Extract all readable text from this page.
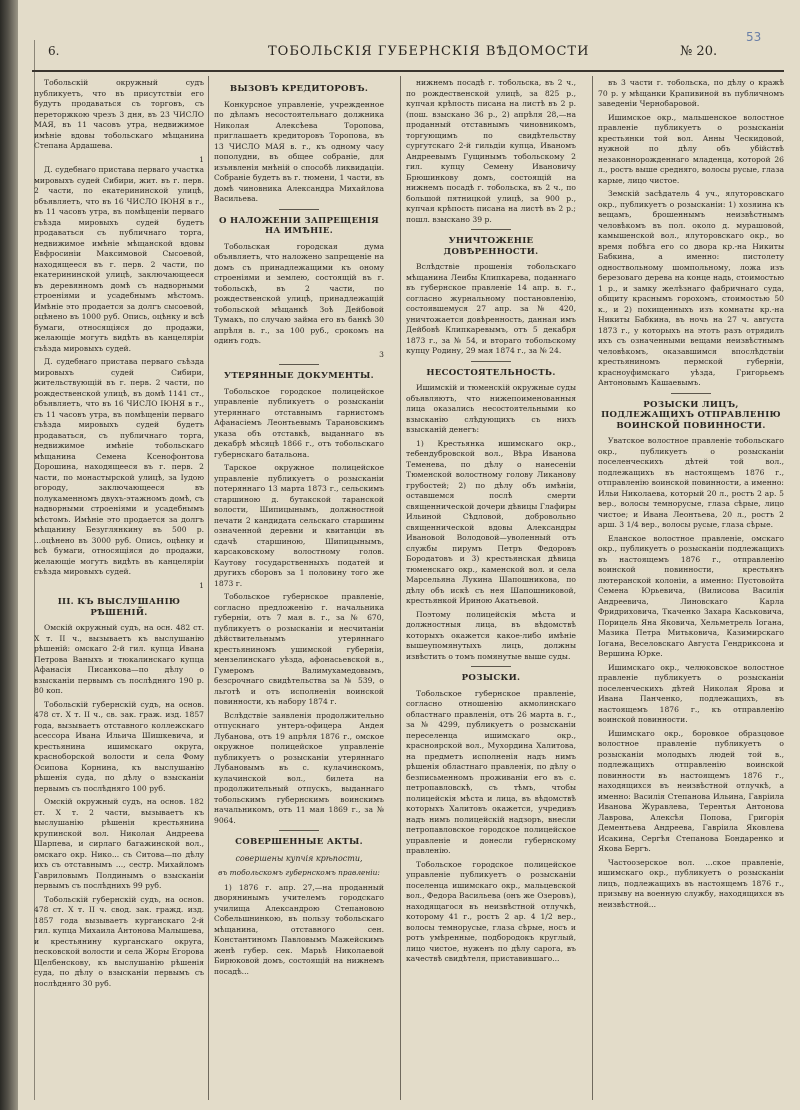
6.	ТОБОЛЬСКІЯ ГУБЕРНСКІЯ ВѢДОМОСТИ	№ 20.
53

Тобольскій окружный судъ публикуетъ, что въ присутствіи его будутъ продаваться съ торговъ, съ переторжкою чрезъ 3 дня, въ 23 ЧИСЛО МАЯ, въ 11 часовъ утра, недвижимое имѣніе вдовы тобольскаго мѣщанина Степана Ардашева.

1

Д. судебнаго пристава перваго участка мировыхъ судей Сибири, жит. въ г. перв. 2 части, по екатерининской улицѣ, объявляетъ, что въ 16 ЧИСЛО ІЮНЯ в г., въ 11 часовъ утра, въ помѣщеніи перваго съѣзда мировыхъ судей будетъ продаваться съ публичнаго торга, недвижимое имѣніе мѣщанской вдовы Евфросиніи Максимовой Сысоевой, находящееся въ г. перв. 2 части, по екатерининской улицѣ, заключающееся въ деревянномъ домѣ съ надворными строеніями и усадебнымъ мѣстомъ. Имѣніе это продается за долгъ сысоевой, оцѣнено въ 1000 руб. Опись, оцѣнку и всѣ бумаги, относящіяся до продажи, желающіе могутъ видѣть въ канцеляріи съѣзда мировыхъ судей.

Д. судебнаго пристава перваго съѣзда мировыхъ судей Сибири, жительствующій въ г. перв. 2 части, по рождественской улицѣ, въ домѣ 1141 ст., объявляетъ, что въ 16 ЧИСЛО ІЮНЯ в г., съ 11 часовъ утра, въ помѣщеніи перваго съѣзда мировыхъ судей будетъ продаваться, съ публичнаго торга, недвижимое имѣніе тобольскаго мѣщанина Семена Ксенофонтова Дорошина, находящееся въ г. перв. 2 части, по монастырской улицѣ, за Іудою огороду, заключающееся въ полукаменномъ двухъ-этажномъ домѣ, съ надворными строеніями и усадебнымъ мѣстомъ. Имѣніе это продается за долгъ мѣщанину Безуглянкину въ 500 р. ...оцѣнено въ 3000 руб. Опись, оцѣнку и всѣ бумаги, относящіяся до продажи, желающіе могутъ видѣть въ канцеляріи съѣзда мировыхъ судей.

1
III. КЪ ВЫСЛУШАНІЮ РѢШЕНІЙ.

Омскій окружный судъ, на осн. 482 ст. Х т. II ч., вызываетъ къ выслушанію рѣшеній: омскаго 2-й гил. купца Ивана Петрова Ваныхъ и тюкалинскаго купца Афанасія Писанкова—по дѣлу о взысканіи первымъ съ послѣдняго 190 р. 80 коп.

Тобольскій губернскій судъ, на основ. 478 ст. Х т. II ч., св. зак. граж. изд. 1857 года, вызываетъ отставного коллежскаго асессора Ивана Ильича Шишкевича, и крестьянина ишимскаго округа, красноборской волости и села Фому Осипова Корнина, къ выслушанію рѣшенія суда, по дѣлу о взысканіи первымъ съ послѣдняго 100 руб.

Омскій окружный судъ, на основ. 182 ст. Х т. 2 части, вызываетъ къ выслушанію рѣшенія крестьянина крупинской вол. Николая Андреева Шарпева, и сирлаго багажинской вол., омскаго окр. Нико... съ Ситова—по дѣлу ихъ съ отставнымъ ..., сестр. Михайломъ Гавриловымъ Полдинымъ о взысканіи первымъ съ послѣднихъ 99 руб.

Тобольскій губернскій судъ, на основ. 478 ст. Х т. II ч. свод. зак. гражд. изд. 1857 года вызываетъ курганскаго 2-й гил. купца Михаила Антонова Малышева, и крестьянину курганскаго округа, песковской волости и села Жоры Егорова Щелбенскову, къ выслушанію рѣшенія суда, по дѣлу о взысканіи первымъ съ послѣдняго 30 руб.

ВЫЗОВЪ КРЕДИТОРОВЪ.

Конкурсное управленіе, учрежденное по дѣламъ несостоятельнаго должника Николая Алексѣева Торопова, приглашаетъ кредиторовъ Торопова, въ 13 ЧИСЛО МАЯ в. г., къ одному часу пополудни, въ общее собраніе, для изъявленія мнѣній о способѣ ликвидаціи. Собраніе будетъ въ г. тюмени, 1 части, въ домѣ чиновника Александра Михайлова Васильева.

О НАЛОЖЕНІИ ЗАПРЕЩЕНІЯ НА ИМѢНІЕ.

Тобольская городская дума объявляетъ, что наложено запрещеніе на домъ съ принадлежащими къ оному строеніями и землею, состоящій въ г. тобольскѣ, въ 2 части, по рождественской улицѣ, принадлежащій тобольской мѣщанкѣ Зоѣ Дейбовой Тумакъ, по случаю займа его въ банкѣ 30 апрѣля в. г., за 100 руб., срокомъ на одинъ годъ.

3
УТЕРЯННЫЕ ДОКУМЕНТЫ.

Тобольское городское полицейское управленіе публикуетъ о розысканіи утеряннаго отставнымъ гарнистомъ Афанасіемъ Леонтьевымъ Тарановскимъ указа объ отставкѣ, выданнаго въ декабрѣ мѣсяцѣ 1866 г., отъ тобольскаго губернскаго батальона.

Тарское окружное полицейское управленіе публикуетъ о розысканіи потеряннаго 13 марта 1873 г., сельскимъ старшиною д. бутакской таранской волости, Шипицынымъ, должностной печати 2 кандидата сельскаго старшины означенной деревни и квитанціи въ сдачѣ старшиною, Шипицынымъ, карсаковскому волостному голов. Каутову государственныхъ податей и другихъ сборовъ за 1 половину того же 1873 г.

Тобольское губернское правленіе, согласно предложенію г. начальника губерніи, отъ 7 мая в. г., за № 670, публикуетъ о розысканіи и несчитаніи дѣйствительнымъ утеряннаго крестьяниномъ ушимской губерніи, мензелинскаго уѣзда, афонасьевской в., Гумеромъ Валимухамедовымъ, безсрочнаго свидѣтельства за № 539, о льготѣ и отъ исполненія воинской повинности, къ набору 1874 г.

Вслѣдствіе заявленія продолжительно отпускнаго унтеръ-офицера Андея Лубанова, отъ 19 апрѣля 1876 г., омское окружное полицейское управленіе публикуетъ о розысканіи утеряннаго Лубановымъ въ с. кулачинскомъ, кулачинской вол., билета на продолжительный отпускъ, выданнаго тобольскимъ губернскимъ воинскимъ начальникомъ, отъ 11 мая 1869 г., за № 9064.

СОВЕРШЕННЫЕ АКТЫ.
совершены купчія крѣпости,
въ тобольскомъ губернскомъ правленіи:

1) 1876 г. апр. 27,—на проданный дворянинымъ учителемъ городскаго училища Александрою Степановою Собельшнинкою, въ пользу тобольскаго мѣщанина, отставного сен. Константиномъ Павловымъ Мажейскимъ женѣ губер. сек. Марьѣ Николаевой Бирюковой домъ, состоящій на нижнемъ посадѣ...

нижнемъ посадѣ г. тобольска, въ 2 ч., по рождественской улицѣ, за 825 р., купчая крѣпость писана на листѣ въ 2 р. (пош. взыскано 36 р., 2) апрѣля 28,—на проданный отставнымъ чиновникомъ, торгующимъ по свидѣтельству сургутскаго 2-й гильдіи купца, Иваномъ Андреевымъ Гущинымъ тобольскому 2 гил. купцу Семену Ивановичу Брюшинкову домъ, состоящій на нижнемъ посадѣ г. тобольска, въ 2 ч., по большой пятницкой улицѣ, за 900 р., купчая крѣпость писана на листѣ въ 2 р.; пошл. взыскано 39 р.

УНИЧТОЖЕНІЕ ДОВѢРЕННОСТИ.

Вслѣдствіе прошенія тобольскаго мѣщанина Леибы Клипкарева, поданнаго въ губернское правленіе 14 апр. в. г., согласно журнальному постановленію, состоявшемуся 27 апр. за № 420, уничтожается довѣренность, данная имъ Дейбовѣ Клипкаревымъ, отъ 5 декабря 1873 г., за № 54, и втораго тобольскому купцу Родину, 29 мая 1874 г., за № 24.

НЕСОСТОЯТЕЛЬНОСТЬ.

Ишимскій и тюменскій окружные суды объявляютъ, что нижепоименованныя лица оказались несостоятельными ко взысканію слѣдующихъ съ нихъ взысканій денегъ:

1) Крестьянка ишимскаго окр., тебендубровской вол., Вѣра Иванова Теменева, по дѣлу о нанесеніи Тюменской волостному голову Ликанову грубостей; 2) по дѣлу объ имѣніи, оставшемся послѣ смерти священнической дочери дѣвицы Глафиры Ильиной Сѣдловой, добровольно священнической вдовы Александры Ивановой Володовой—уволенный отъ службы пирумъ Петръ Федоровъ Бородатовъ и 3) крестьянская дѣвица тюменскаго окр., каменской вол. и села Марсельяна Лукина Шапошникова, по дѣлу объ искѣ съ нея Шапошниковой, крестьянкой Ириною Акатьевой.

Поэтому полицейскія мѣста и должностныя лица, въ вѣдомствѣ которыхъ окажется какое-либо имѣніе вышеупомянутыхъ лицъ, должны извѣстить о томъ помянутые выше суды.

РОЗЫСКИ.

Тобольское губернское правленіе, согласно отношенію акмолинскаго областнаго правленія, отъ 26 марта в. г., за № 4299, публикуетъ о розысканіи переселенца ишимскаго окр., красноярской вол., Мухордина Халитова, на предметъ исполненія надъ нимъ рѣшенія областнаго правленія, по дѣлу о безписьменномъ проживаніи его въ с. петропавловскѣ, съ тѣмъ, чтобы полицейскія мѣста и лица, въ вѣдомствѣ которыхъ Халитовъ окажется, учредивъ надъ нимъ полицейскій надзоръ, внесли петропавловское городское полицейское управленіе и донесли губернскому правленію.

Тобольское городское полицейское управленіе публикуетъ о розысканіи поселенца ишимскаго окр., мальцевской вол., Федора Васильева (онъ же Озеровъ), находящагося въ неизвѣстной отлучкѣ, которому 41 г., ростъ 2 ар. 4 1/2 вер., волосы темнорусые, глаза сѣрые, носъ и ротъ умѣренные, подбородокъ круглый, лицо чистое, нуженъ по дѣлу сарога, въ качествѣ свидѣтеля, приставившаго...

въ 3 части г. тобольска, по дѣлу о кражѣ 70 р. у мѣщанки Крапивиной въ публичномъ заведеніи Чернобаровой.

Ишимское окр., мальшенское волостное правленіе публикуетъ о розысканіи крестьянки той вол. Анны Ческидовой, нужной по дѣлу объ убійствѣ незаконнорожденнаго младенца, которой 26 л., ростъ выше средняго, волосы русые, глаза карые, лицо чистое.

Земскій засѣдатель 4 уч., ялуторовскаго окр., публикуетъ о розысканіи: 1) хозяина къ вещамъ, брошеннымъ неизвѣстнымъ человѣкомъ въ пол. около д. мурашовой, камышенской вол., ялуторовскаго окр., во время побѣга его со двора кр.-на Никиты Бабкина, а именно: пистолету одноствольному шомпольному, ложа изъ березоваго дерева на конце надь, стоимостью 1 р., и замку желѣзнаго фабричнаго суда, общиту краснымъ горохомъ, стоимостью 50 к., и 2) похищенныхъ изъ комнаты кр.-на Никиты Бабкина, въ ночь на 27 ч. августа 1873 г., у которыхъ на этотъ разъ отрядилъ ихъ съ означенными вещами неизвѣстнымъ человѣкомъ, оказавшимся впослѣдствіи крестьяниномъ пермской губерніи, красноуфимскаго уѣзда, Григорьемъ Антоновымъ Кашаевымъ.

РОЗЫСКИ ЛИЦЪ, ПОДЛЕЖАЩИХЪ ОТПРАВЛЕНІЮ ВОИНСКОЙ ПОВИННОСТИ.

Уватское волостное правленіе тобольскаго окр., публикуетъ о розысканіи поселенческихъ дѣтей той вол., подлежащихъ въ настоящемъ 1876 г., отправленію воинской повинности, а именно: Ильи Николаева, который 20 л., ростъ 2 ар. 5 вер., волосы темнорусые, глаза сѣрые, лицо чистое; и Ивана Леонтьева, 20 л., ростъ 2 арш. 3 1/4 вер., волосы русые, глаза сѣрые.

Еланское волостное правленіе, омскаго окр., публикуетъ о розысканіи подлежащихъ въ настоящемъ 1876 г., отправленію воинской повинности, крестьянъ лютеранской колоніи, а именно: Пустовойта Семена Юрьевича, (Вилисова Василія Андреевича, Линовскаго Карла Фридриховича, Ткаченко Захара Каськовича, Порицель Яна Яковича, Хельметрель Іогана, Мазика Петра Митьковича, Казимирскаго Іогана, Веселовскаго Августа Гендриксона и Вершина Юрке.

Ишимскаго окр., челюковское волостное правленіе публикуетъ о розысканіи поселенческихъ дѣтей Николая Ярова и Ивана Панченко, подлежащихъ, въ настоящемъ 1876 г., къ отправленію воинской повинности.

Ишимскаго окр., боровкое образцовое волостное правленіе публикуетъ о розысканіи молодыхъ людей той в., подлежащихъ отправленію воинской повинности въ настоящемъ 1876 г., находящихся въ неизвѣстной отлучкѣ, а именно: Василія Степанова Ильина, Гавріила Иванова Журавлева, Терентья Антонова Лаврова, Алексѣя Попова, Григорія Дементьева Андреева, Гавріила Яковлева Исакина, Сергѣя Степанова Бондаренко и Якова Бергъ.

Частоозерское вол. ...ское правленіе, ишимскаго окр., публикуетъ о розысканіи лицъ, подлежащихъ въ настоящемъ 1876 г., призыву на военную службу, находящихся въ неизвѣстной...
